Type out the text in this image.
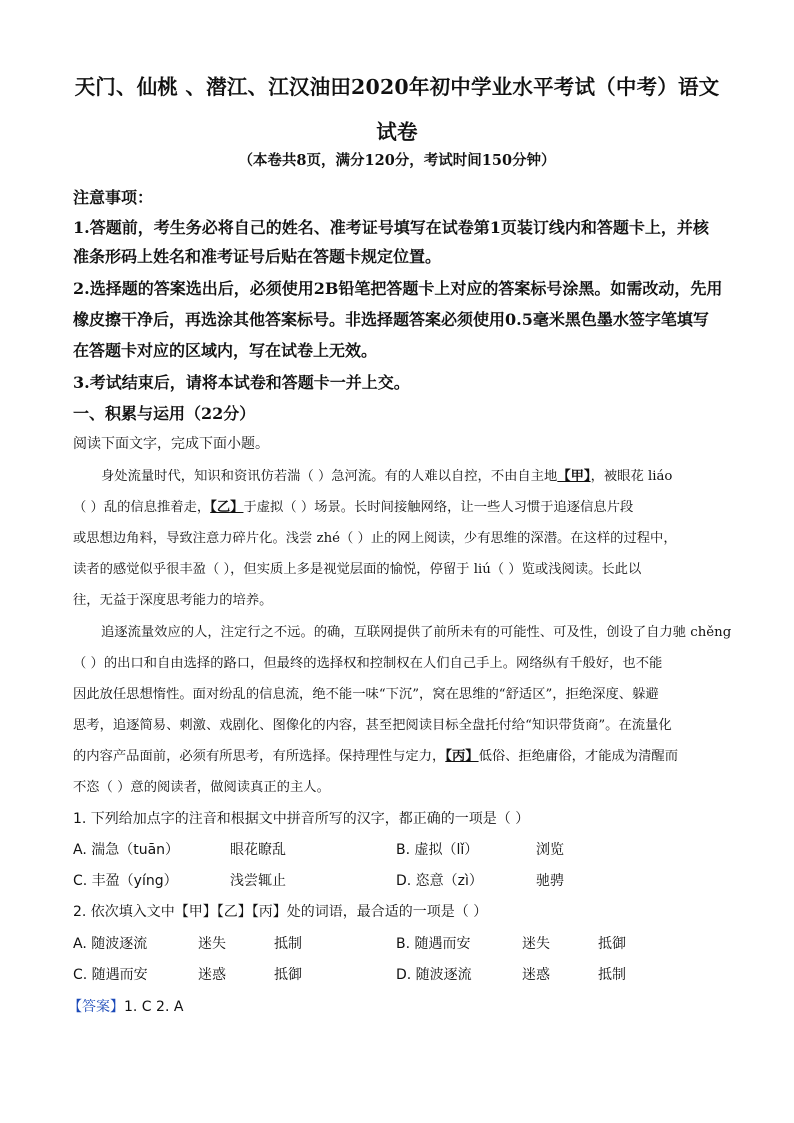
天门、仙桃 、潜江、江汉油田2020年初中学业水平考试（中考）语文
试卷
（本卷共8页，满分120分，考试时间150分钟）
注意事项：
1.答题前，考生务必将自己的姓名、准考证号填写在试卷第1页装订线内和答题卡上，并核
准条形码上姓名和准考证号后贴在答题卡规定位置。
2.选择题的答案选出后，必须使用2B铅笔把答题卡上对应的答案标号涂黑。如需改动，先用
橡皮擦干净后，再选涂其他答案标号。非选择题答案必须使用0.5毫米黑色墨水签字笔填写
在答题卡对应的区域内，写在试卷上无效。
3.考试结束后，请将本试卷和答题卡一并上交。
一、积累与运用（22分）
阅读下面文字，完成下面小题。
身处流量时代，知识和资讯仿若湍（ ）急河流。有的人难以自控，不由自主地【甲】，被眼花 liáo
（ ）乱的信息推着走，【乙】于虚拟（ ）场景。长时间接触网络，让一些人习惯于追逐信息片段
或思想边角料，导致注意力碎片化。浅尝 zhé（ ）止的网上阅读，少有思维的深潜。在这样的过程中，
读者的感觉似乎很丰盈（ ），但实质上多是视觉层面的愉悦，停留于 liú（ ）览或浅阅读。长此以
往，无益于深度思考能力的培养。
追逐流量效应的人，注定行之不远。的确，互联网提供了前所未有的可能性、可及性，创设了自力驰 chěng
（ ）的出口和自由选择的路口，但最终的选择权和控制权在人们自己手上。网络纵有千般好，也不能
因此放任思想惰性。面对纷乱的信息流，绝不能一味“下沉”，窝在思维的“舒适区”，拒绝深度、躲避
思考，追逐简易、刺激、戏剧化、图像化的内容，甚至把阅读目标全盘托付给“知识带货商”。在流量化
的内容产品面前，必须有所思考，有所选择。保持理性与定力，【丙】低俗、拒绝庸俗，才能成为清醒而
不恣（ ）意的阅读者，做阅读真正的主人。
1. 下列给加点字的注音和根据文中拼音所写的汉字，都正确的一项是（ ）
A. 湍急（tuān）	眼花瞭乱	B. 虚拟（lǐ）	浏览
C. 丰盈（yíng）	浅尝辄止	D. 恣意（zì）	驰骋
2. 依次填入文中【甲】【乙】【丙】处的词语，最合适的一项是（ ）
A. 随波逐流	迷失	抵制	B. 随遇而安	迷失	抵御
C. 随遇而安	迷惑	抵御	D. 随波逐流	迷惑	抵制
【答案】1. C 2. A
